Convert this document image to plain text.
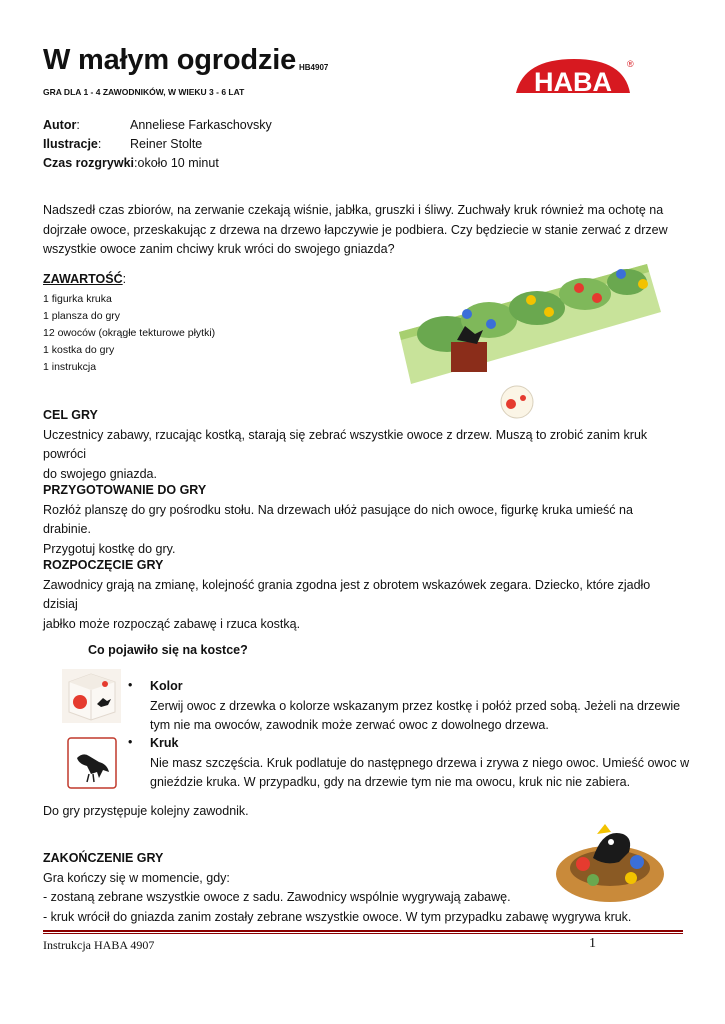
W małym ogrodzie HB4907
GRA DLA 1 - 4 ZAWODNIKÓW, W WIEKU 3 - 6 LAT	HABA
®
Autor:	Anneliese Farkaschovsky
Ilustracje:	Reiner Stolte
Czas rozgrywki: około 10 minut
Nadszedł czas zbiorów, na zerwanie czekają wiśnie, jabłka, gruszki i śliwy. Zuchwały kruk również ma ochotę na
dojrzałe owoce, przeskakując z drzewa na drzewo łapczywie je podbiera. Czy będziecie w stanie zerwać z drzew
wszystkie owoce zanim chciwy kruk wróci do swojego gniazda?
ZAWARTOŚĆ:
1 figurka kruka
1 plansza do gry
12 owoców (okrągłe tekturowe płytki)
1 kostka do gry
1 instrukcja
CEL GRY
Uczestnicy zabawy, rzucając kostką, starają się zebrać wszystkie owoce z drzew. Muszą to zrobić zanim kruk powróci
do swojego gniazda.
PRZYGOTOWANIE DO GRY
Rozłóż planszę do gry pośrodku stołu. Na drzewach ułóż pasujące do nich owoce, figurkę kruka umieść na drabinie.
Przygotuj kostkę do gry.
ROZPOCZĘCIE GRY
Zawodnicy grają na zmianę, kolejność grania zgodna jest z obrotem wskazówek zegara. Dziecko, które zjadło dzisiaj
jabłko może rozpocząć zabawę i rzuca kostką.
Co pojawiło się na kostce?
• Kolor
Zerwij owoc z drzewka o kolorze wskazanym przez kostkę i połóż przed sobą. Jeżeli na drzewie
tym nie ma owoców, zawodnik może zerwać owoc z dowolnego drzewa.
• Kruk
Nie masz szczęścia. Kruk podlatuje do następnego drzewa i zrywa z niego owoc. Umieść owoc w
gnieździe kruka. W przypadku, gdy na drzewie tym nie ma owocu, kruk nic nie zabiera.
Do gry przystępuje kolejny zawodnik.
ZAKOŃCZENIE GRY
Gra kończy się w momencie, gdy:
- zostaną zebrane wszystkie owoce z sadu. Zawodnicy wspólnie wygrywają zabawę.
- kruk wrócił do gniazda zanim zostały zebrane wszystkie owoce. W tym przypadku zabawę wygrywa kruk.
Instrukcja HABA 4907	1
